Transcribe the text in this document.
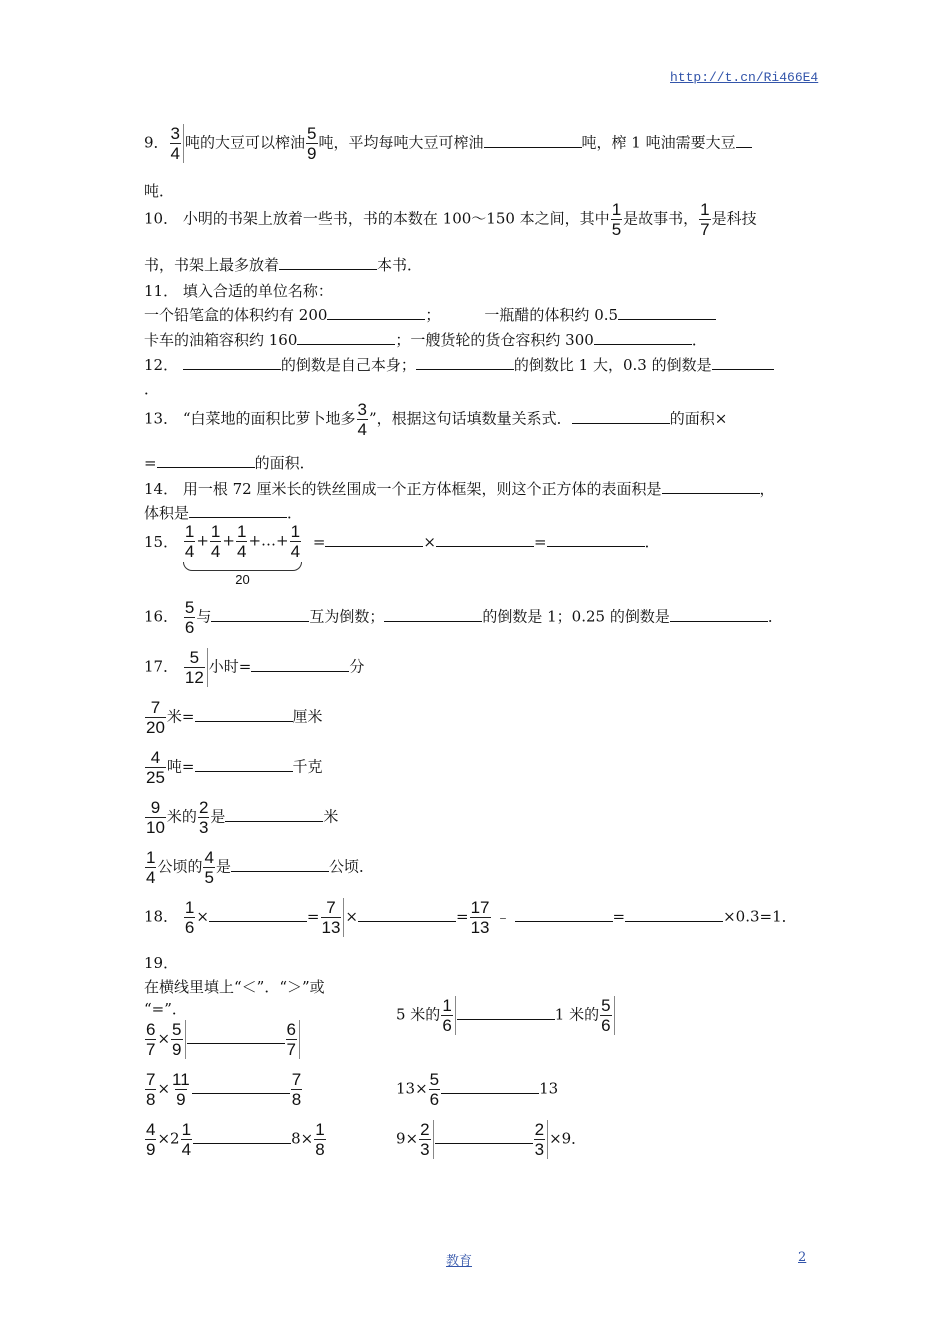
http://t.cn/Ri466E4
9． $\frac{3}{4}$ 吨的大豆可以榨油 $\frac{5}{9}$ 吨，平均每吨大豆可榨油	吨，榨 1 吨油需要大豆
吨．
10． 小明的书架上放着一些书，书的本数在 100～150 本之间，其中 $\frac{1}{5}$ 是故事书， $\frac{1}{7}$ 是科技
书，书架上最多放着	本书．
11． 填入合适的单位名称：
一个铅笔盒的体积约有 200	；	一瓶醋的体积约 0.5
卡车的油箱容积约 160	；一艘货轮的货仓容积约 300	．
12．	的倒数是自己本身；	的倒数比 1 大，0.3 的倒数是
．
13． “白菜地的面积比萝卜地多 $\frac{3}{4}$ ”，根据这句话填数量关系式．	的面积×
=	的面积．
14． 用一根 72 厘米长的铁丝围成一个正方体框架，则这个正方体的表面积是	，
体积是	．
15． $\frac{1}{4} + \frac{1}{4} + \frac{1}{4}$ +…+ $\frac{1}{4}$
20
=	×	=	．
16． $\frac{5}{6}$ 与	互为倒数；	的倒数是 1；0.25 的倒数是	．
17． $\frac{5}{12}$ 小时=	分
$\frac{7}{20}$ 米=	厘米
$\frac{4}{25}$ 吨=	千克
$\frac{9}{10}$ 米的 $\frac{2}{3}$ 是	米
$\frac{1}{4}$ 公顷的 $\frac{4}{5}$ 是	公顷．
18． $\frac{1}{6}$ ×	= $\frac{7}{13}$ ×	= $\frac{17}{13}$ ﹣	=	×0.3=1．
19．
在横线里填上“＜”．“＞”或
“=”．
$\frac{6}{7} \times \frac{5}{9}$	$\frac{6}{7}$
$\frac{7}{8} \times \frac{11}{9}$	$\frac{7}{8}$
$\frac{4}{9} \times 2 \frac{1}{4}$	$8\times \frac{1}{8}$
5 米的 $\frac{1}{6}$	1 米的 $\frac{5}{6}$
$13\times \frac{5}{6}$	13
$9\times \frac{2}{3}$	$\frac{2}{3} \times 9$．
教育	2
